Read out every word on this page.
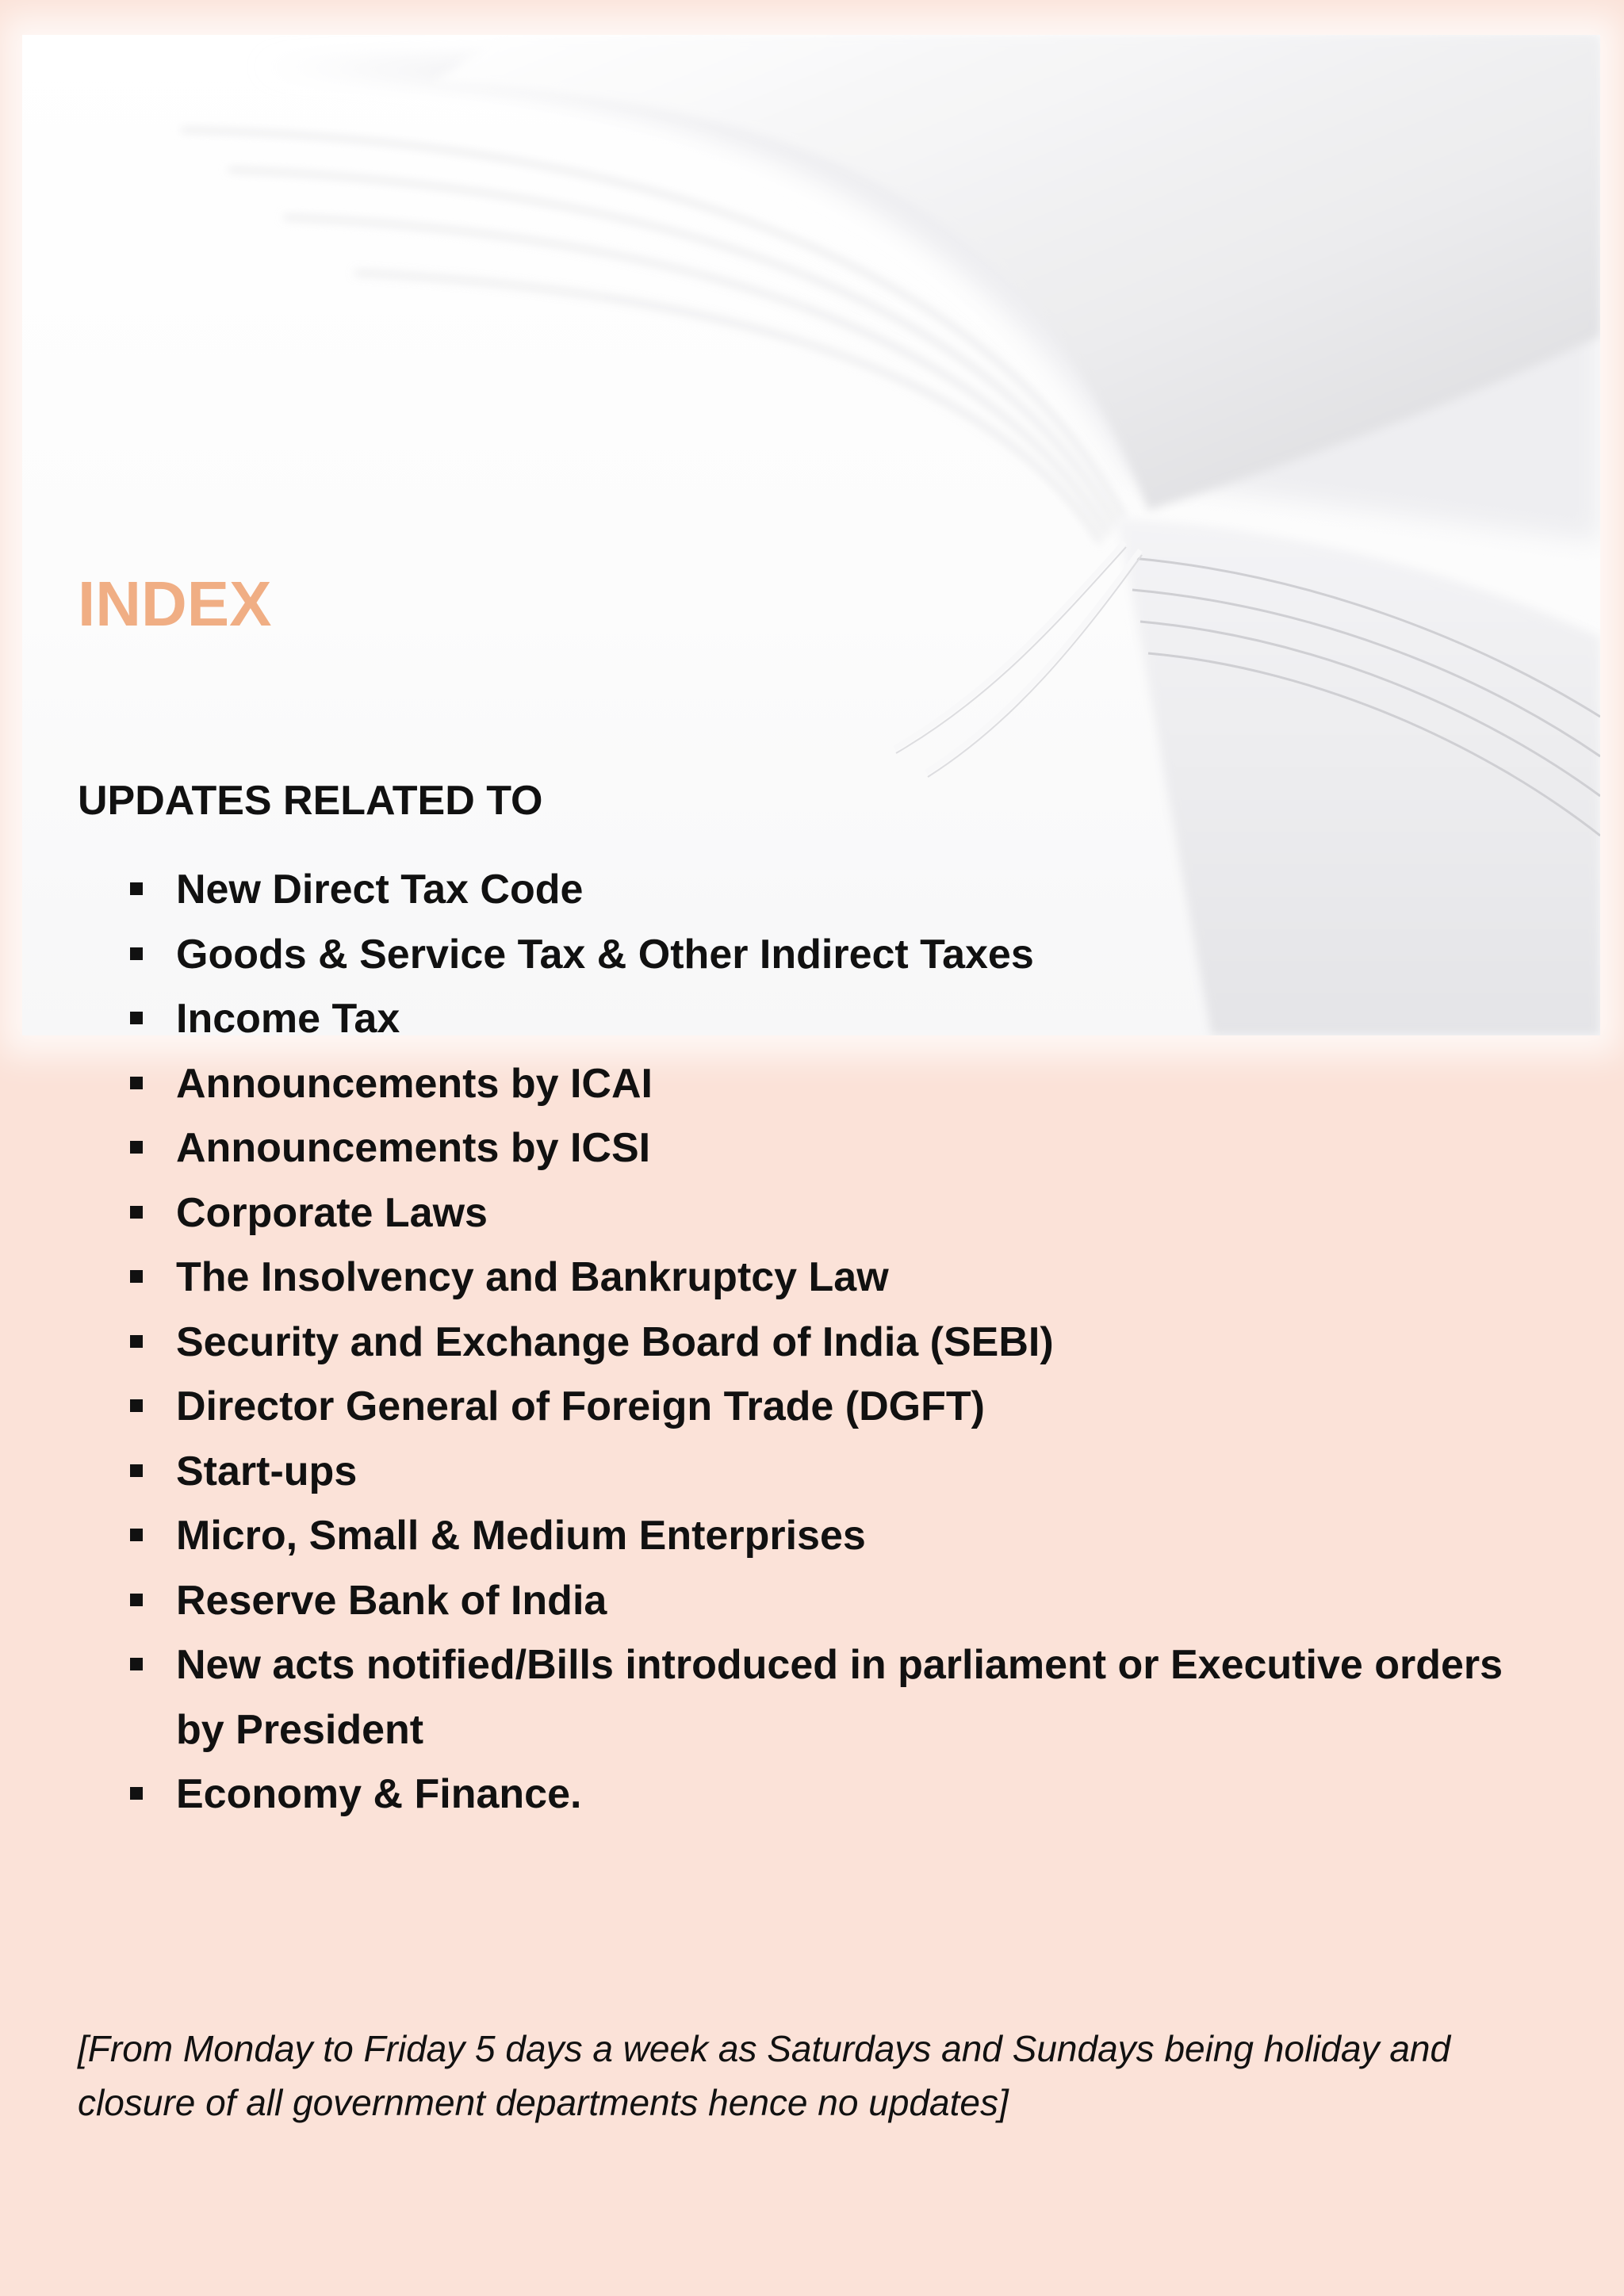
INDEX
UPDATES RELATED TO
New Direct Tax Code
Goods & Service Tax & Other Indirect Taxes
Income Tax
Announcements by ICAI
Announcements by ICSI
Corporate Laws
The Insolvency and Bankruptcy Law
Security and Exchange Board of India (SEBI)
Director General of Foreign Trade (DGFT)
Start-ups
Micro, Small & Medium Enterprises
Reserve Bank of India
New acts notified/Bills introduced in parliament or Executive orders by President
Economy & Finance.

[From Monday to Friday 5 days a week as Saturdays and Sundays being holiday and closure of all government departments hence no updates]
